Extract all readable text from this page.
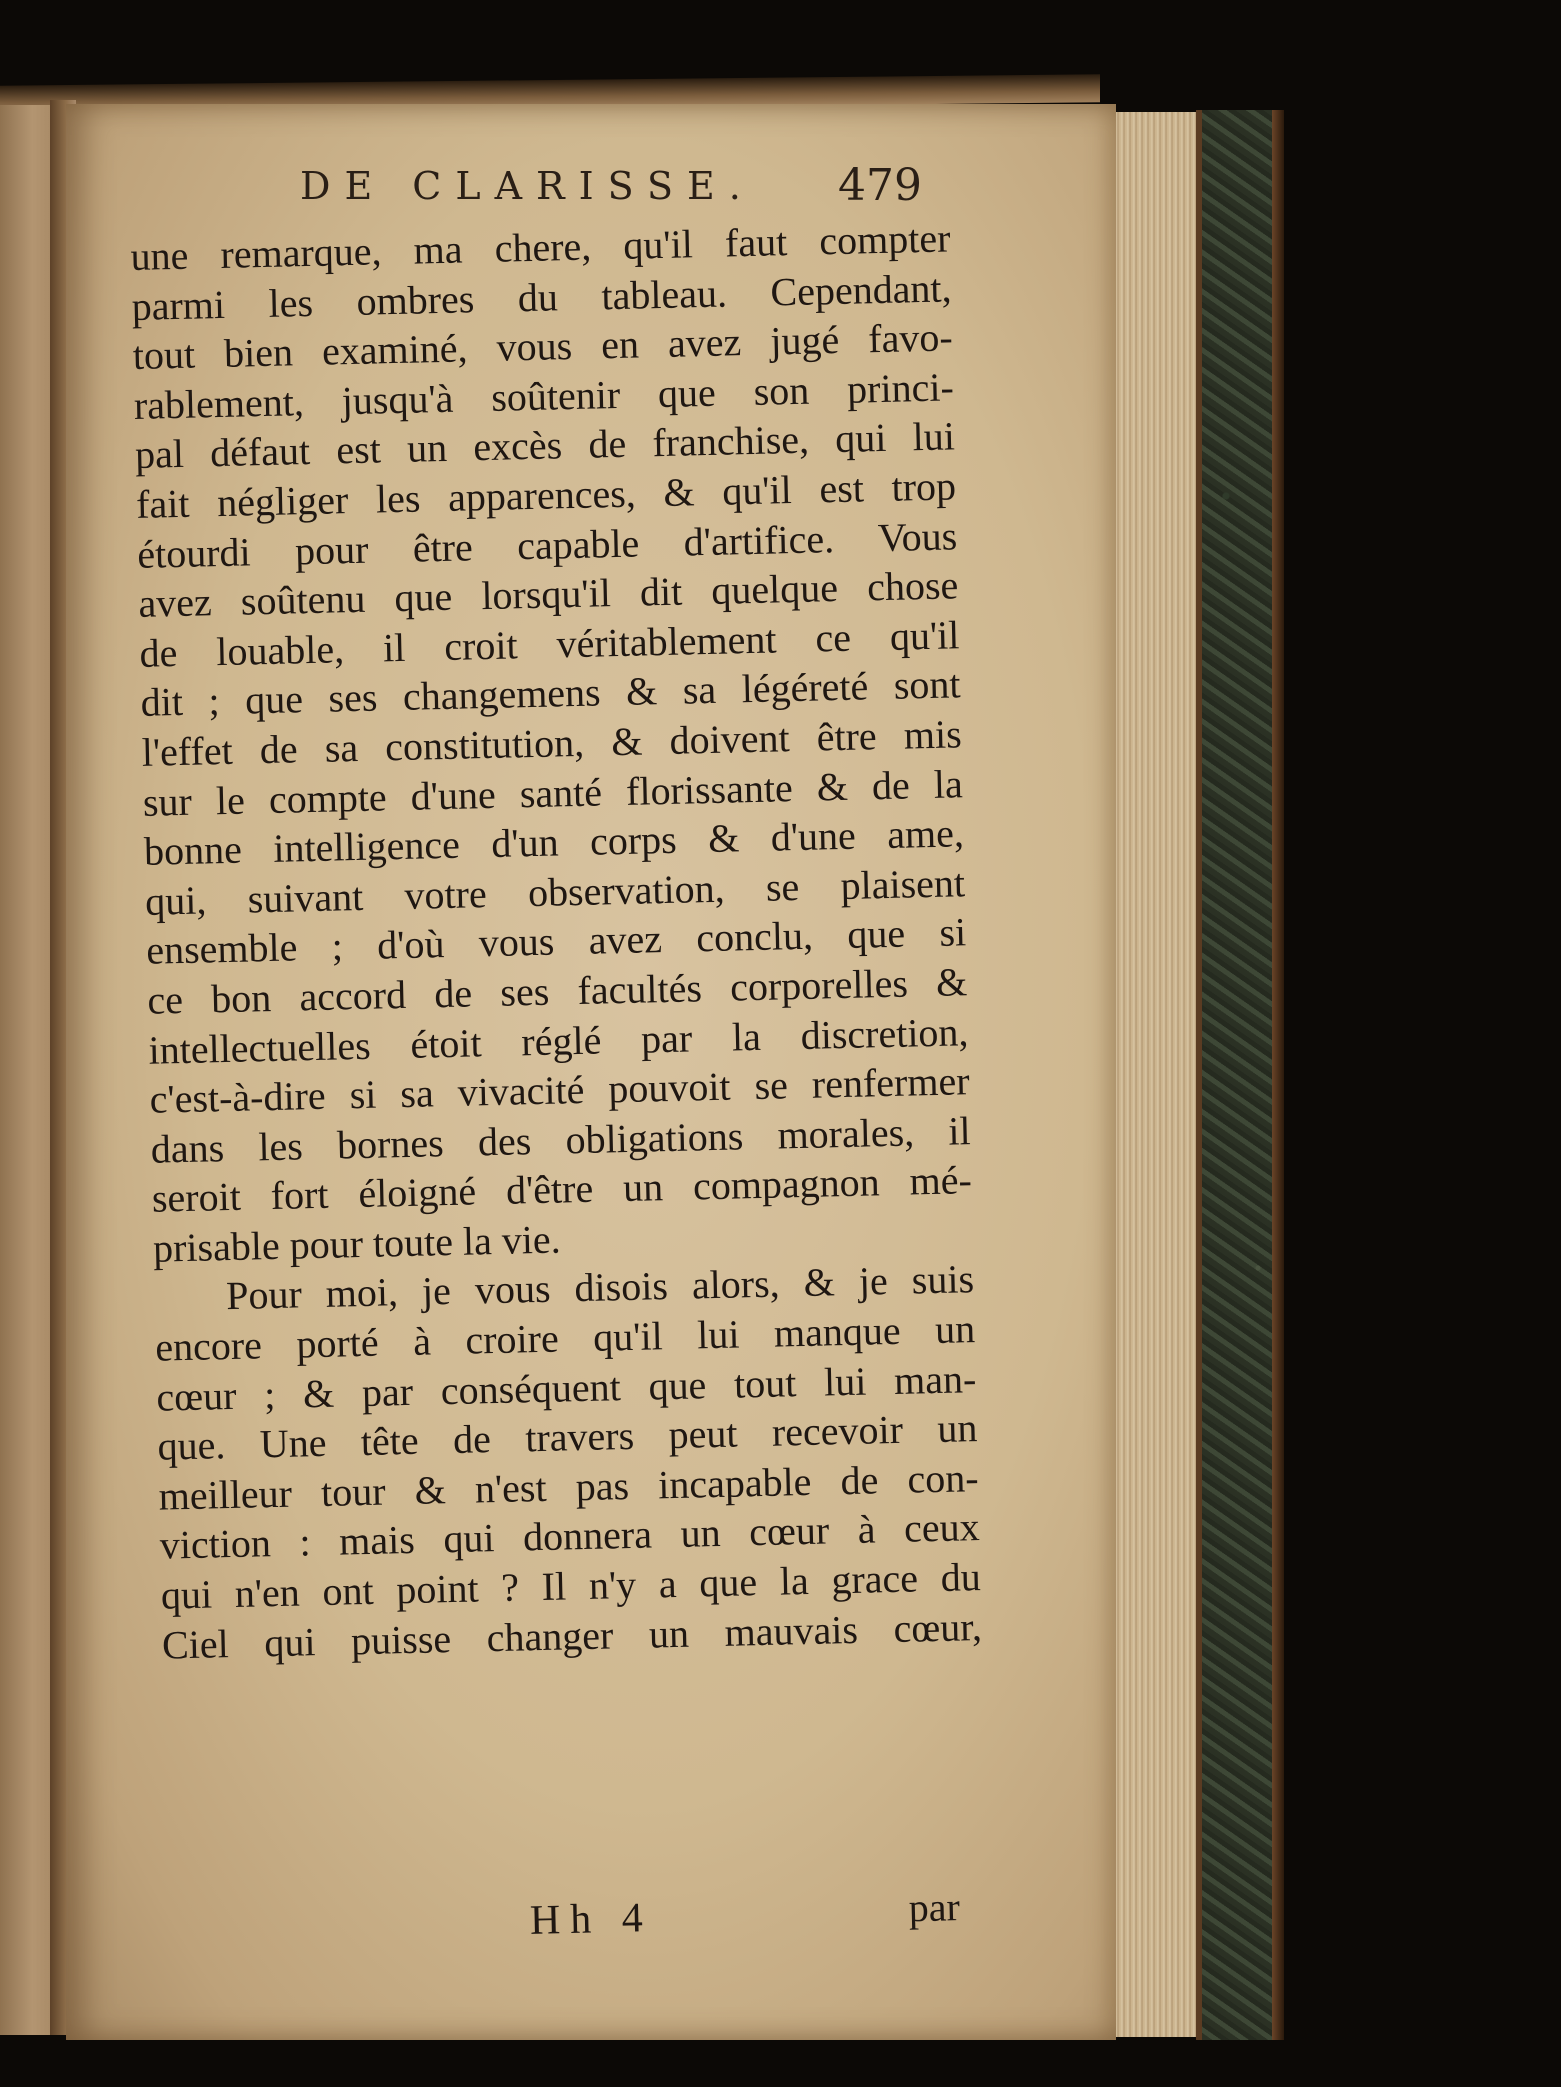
DE CLARISSE. 479
une remarque, ma chere, qu'il faut compter
parmi les ombres du tableau. Cependant,
tout bien examiné, vous en avez jugé favo-
rablement, jusqu'à soûtenir que son princi-
pal défaut est un excès de franchise, qui lui
fait négliger les apparences, & qu'il est trop
étourdi pour être capable d'artifice. Vous
avez soûtenu que lorsqu'il dit quelque chose
de louable, il croit véritablement ce qu'il
dit ; que ses changemens & sa légéreté sont
l'effet de sa constitution, & doivent être mis
sur le compte d'une santé florissante & de la
bonne intelligence d'un corps & d'une ame,
qui, suivant votre observation, se plaisent
ensemble ; d'où vous avez conclu, que si
ce bon accord de ses facultés corporelles &
intellectuelles étoit réglé par la discretion,
c'est-à-dire si sa vivacité pouvoit se renfermer
dans les bornes des obligations morales, il
seroit fort éloigné d'être un compagnon mé-
prisable pour toute la vie.
Pour moi, je vous disois alors, & je suis
encore porté à croire qu'il lui manque un
cœur ; & par conséquent que tout lui man-
que. Une tête de travers peut recevoir un
meilleur tour & n'est pas incapable de con-
viction : mais qui donnera un cœur à ceux
qui n'en ont point ? Il n'y a que la grace du
Ciel qui puisse changer un mauvais cœur,
Hh 4	par
